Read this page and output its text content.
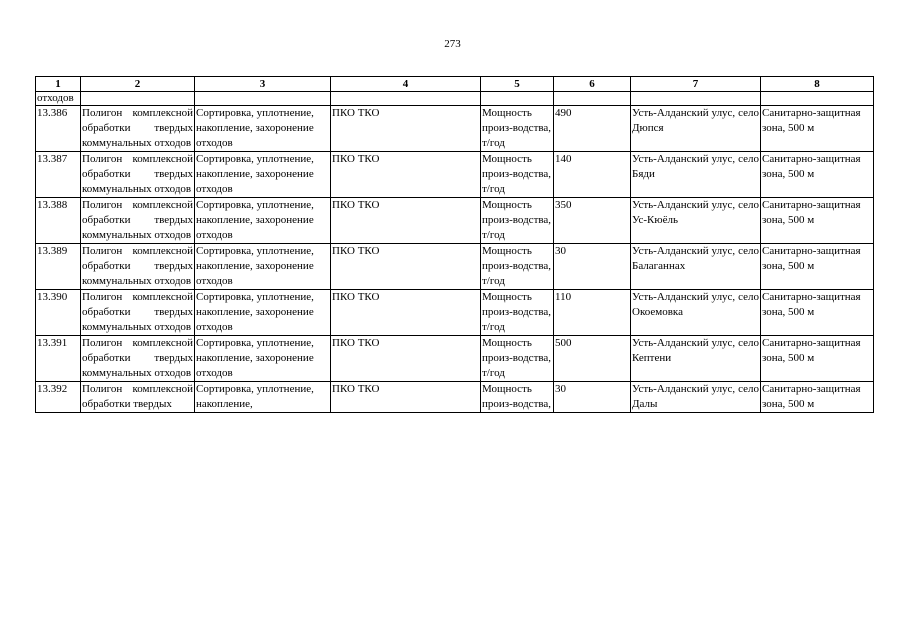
273
1	2	3	4	5	6	7	8
отходов							
13.386	Полигон комплексной обработки твердых коммунальных отходов	Сортировка, уплотнение, накопление, захоронение отходов	ПКО ТКО	Мощность произ-водства, т/год	490	Усть-Алданский улус, село Дюпся	Санитарно-защитная зона, 500 м
13.387	Полигон комплексной обработки твердых коммунальных отходов	Сортировка, уплотнение, накопление, захоронение отходов	ПКО ТКО	Мощность произ-водства, т/год	140	Усть-Алданский улус, село Бяди	Санитарно-защитная зона, 500 м
13.388	Полигон комплексной обработки твердых коммунальных отходов	Сортировка, уплотнение, накопление, захоронение отходов	ПКО ТКО	Мощность произ-водства, т/год	350	Усть-Алданский улус, село Ус-Кюёль	Санитарно-защитная зона, 500 м
13.389	Полигон комплексной обработки твердых коммунальных отходов	Сортировка, уплотнение, накопление, захоронение отходов	ПКО ТКО	Мощность произ-водства, т/год	30	Усть-Алданский улус, село Балаганнах	Санитарно-защитная зона, 500 м
13.390	Полигон комплексной обработки твердых коммунальных отходов	Сортировка, уплотнение, накопление, захоронение отходов	ПКО ТКО	Мощность произ-водства, т/год	110	Усть-Алданский улус, село Окоемовка	Санитарно-защитная зона, 500 м
13.391	Полигон комплексной обработки твердых коммунальных отходов	Сортировка, уплотнение, накопление, захоронение отходов	ПКО ТКО	Мощность произ-водства, т/год	500	Усть-Алданский улус, село Кептени	Санитарно-защитная зона, 500 м
13.392	Полигон комплексной обработки твердых	Сортировка, уплотнение, накопление,	ПКО ТКО	Мощность произ-водства,	30	Усть-Алданский улус, село Далы	Санитарно-защитная зона, 500 м
